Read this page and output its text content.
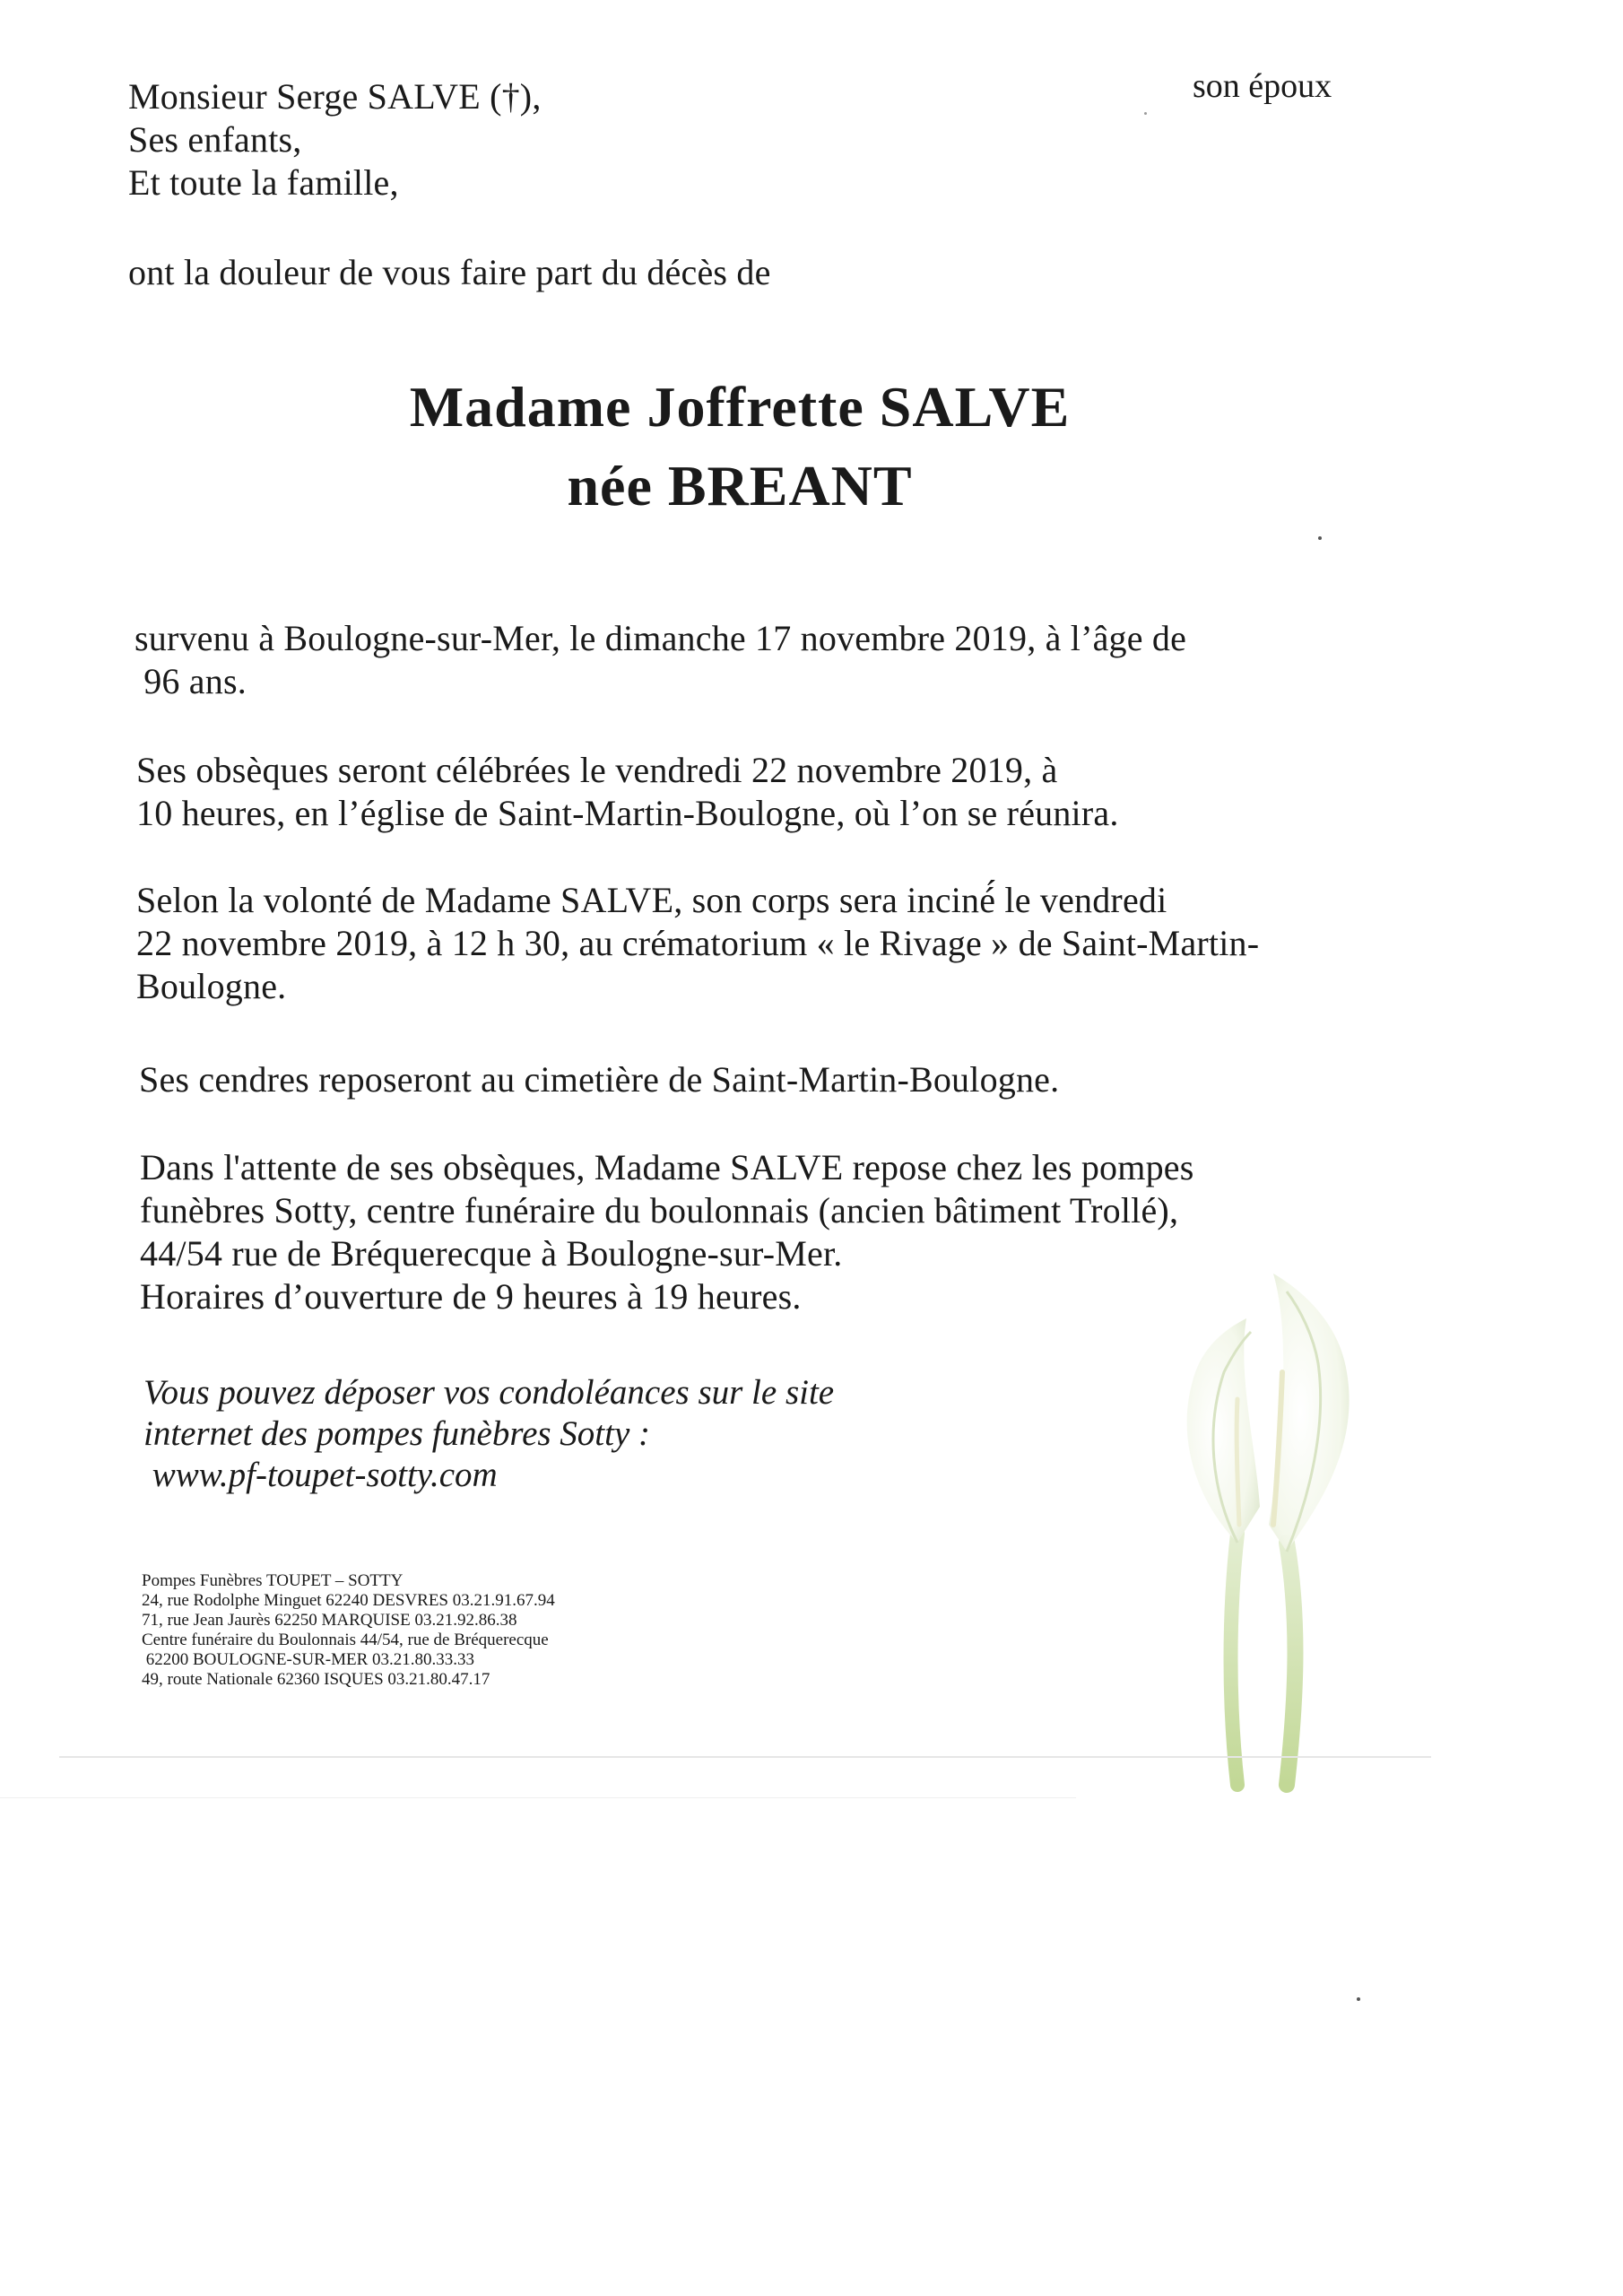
Monsieur Serge SALVE (†),
Ses enfants,
Et toute la famille,
son époux
ont la douleur de vous faire part du décès de
Madame Joffrette SALVE
née BREANT
survenu à Boulogne-sur-Mer, le dimanche 17 novembre 2019, à l’âge de
96 ans.
Ses obsèques seront célébrées le vendredi 22 novembre 2019, à
10 heures, en l’église de Saint-Martin-Boulogne, où l’on se réunira.
Selon la volonté de Madame SALVE, son corps sera inciné́ le vendredi
22 novembre 2019, à 12 h 30, au crématorium « le Rivage » de Saint-Martin-
Boulogne.
Ses cendres reposeront au cimetière de Saint-Martin-Boulogne.
Dans l'attente de ses obsèques, Madame SALVE repose chez les pompes
funèbres Sotty, centre funéraire du boulonnais (ancien bâtiment Trollé),
44/54 rue de Bréquerecque à Boulogne-sur-Mer.
Horaires d’ouverture de 9 heures à 19 heures.
Vous pouvez déposer vos condoléances sur le site
internet des pompes funèbres Sotty :
www.pf-toupet-sotty.com
Pompes Funèbres TOUPET – SOTTY
24, rue Rodolphe Minguet 62240 DESVRES 03.21.91.67.94
71, rue Jean Jaurès 62250 MARQUISE 03.21.92.86.38
Centre funéraire du Boulonnais 44/54, rue de Bréquerecque
62200 BOULOGNE-SUR-MER 03.21.80.33.33
49, route Nationale 62360 ISQUES 03.21.80.47.17
